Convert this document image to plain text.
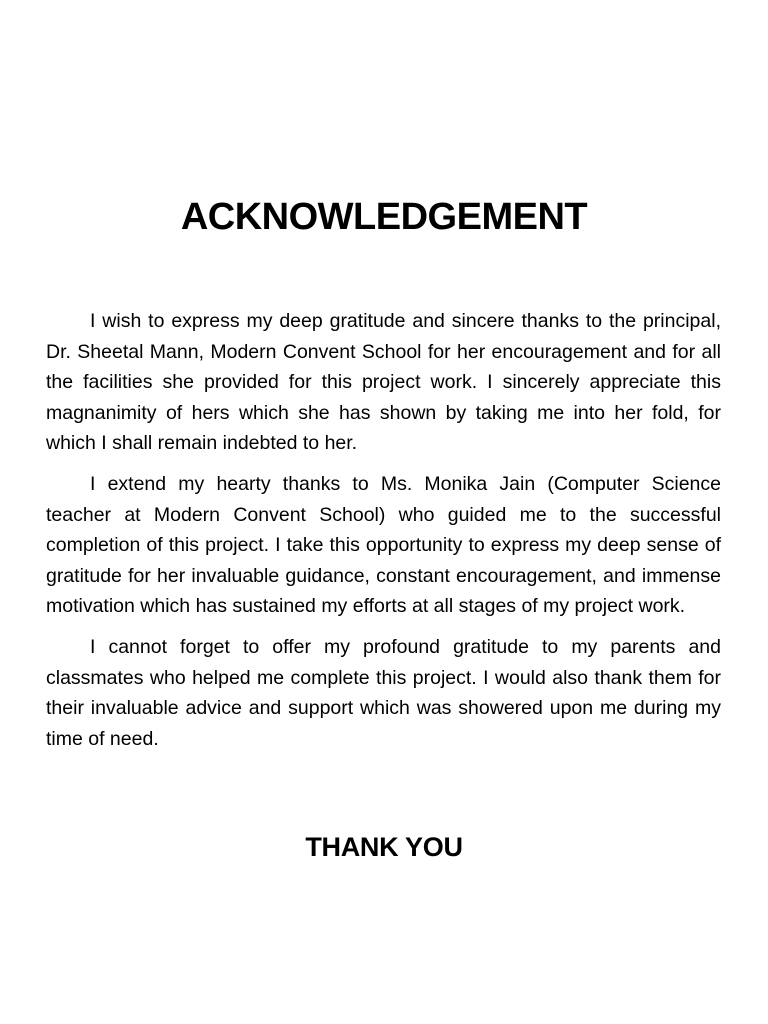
ACKNOWLEDGEMENT

I wish to express my deep gratitude and sincere thanks to the principal, Dr. Sheetal Mann, Modern Convent School for her encouragement and for all the facilities she provided for this project work. I sincerely appreciate this magnanimity of hers which she has shown by taking me into her fold, for which I shall remain indebted to her.

I extend my hearty thanks to Ms. Monika Jain (Computer Science teacher at Modern Convent School) who guided me to the successful completion of this project. I take this opportunity to express my deep sense of gratitude for her invaluable guidance, constant encouragement, and immense motivation which has sustained my efforts at all stages of my project work.

I cannot forget to offer my profound gratitude to my parents and classmates who helped me complete this project. I would also thank them for their invaluable advice and support which was showered upon me during my time of need.

THANK YOU
